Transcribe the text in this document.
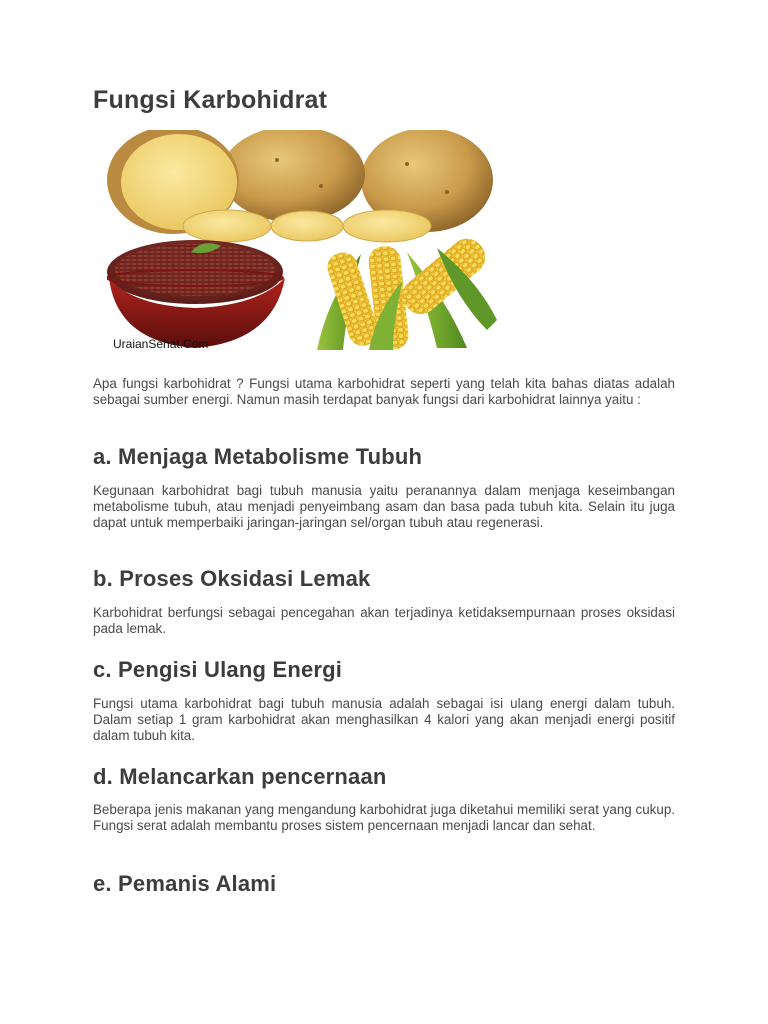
Fungsi Karbohidrat
UraianSehat.Com

Apa fungsi karbohidrat ? Fungsi utama karbohidrat seperti yang telah kita bahas diatas adalah sebagai sumber energi. Namun masih terdapat banyak fungsi dari karbohidrat lainnya yaitu :

a. Menjaga Metabolisme Tubuh

Kegunaan karbohidrat bagi tubuh manusia yaitu peranannya dalam menjaga keseimbangan metabolisme tubuh, atau menjadi penyeimbang asam dan basa pada tubuh kita. Selain itu juga dapat untuk memperbaiki jaringan-jaringan sel/organ tubuh atau regenerasi.

b. Proses Oksidasi Lemak

Karbohidrat berfungsi sebagai pencegahan akan terjadinya ketidaksempurnaan proses oksidasi pada lemak.

c. Pengisi Ulang Energi

Fungsi utama karbohidrat bagi tubuh manusia adalah sebagai isi ulang energi dalam tubuh. Dalam setiap 1 gram karbohidrat akan menghasilkan 4 kalori yang akan menjadi energi positif dalam tubuh kita.

d. Melancarkan pencernaan

Beberapa jenis makanan yang mengandung karbohidrat juga diketahui memiliki serat yang cukup. Fungsi serat adalah membantu proses sistem pencernaan menjadi lancar dan sehat.

e. Pemanis Alami
